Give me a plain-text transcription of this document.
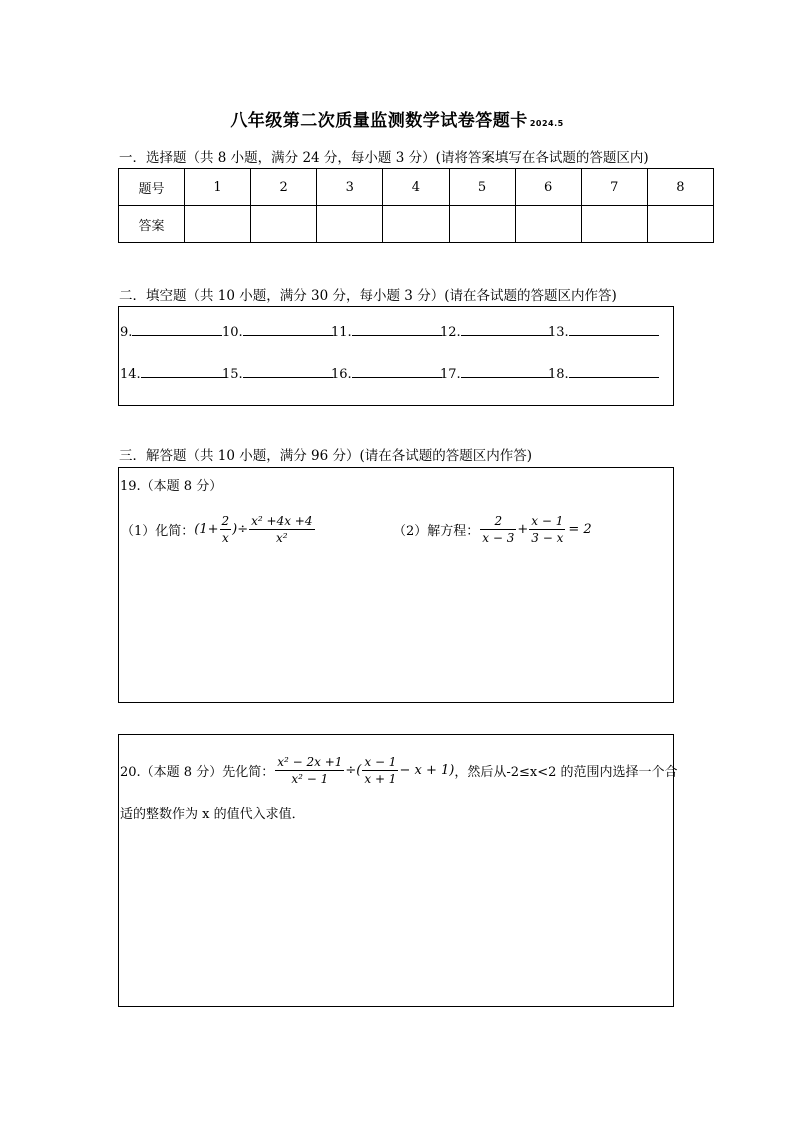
八年级第二次质量监测数学试卷答题卡 2024.5
一．选择题（共 8 小题，满分 24 分，每小题 3 分）(请将答案填写在各试题的答题区内)
题号	1	2	3	4	5	6	7	8
答案								
二．填空题（共 10 小题，满分 30 分，每小题 3 分）(请在各试题的答题区内作答)
9.	10.	11.	12.	13.
14.	15.	16.	17.	18.
三．解答题（共 10 小题，满分 96 分）(请在各试题的答题区内作答)
19.（本题 8 分）
（1）化简： ($1+ \frac{2}{x}$ )÷ $\frac{\text{x² +4x +4}}{\text{x²}}$	（2）解方程： $\frac{2}{x - 3} + \frac{x - 1}{3 - x} = 2$
20.（本题 8 分）先化简： $\frac{\text{x² − 2x +1}}{\text{x² − 1}}$ ÷( $\frac{x - 1}{x + 1} - x + 1$) ，然后从-2≤x<2 的范围内选择一个合
适的整数作为 x 的值代入求值．
